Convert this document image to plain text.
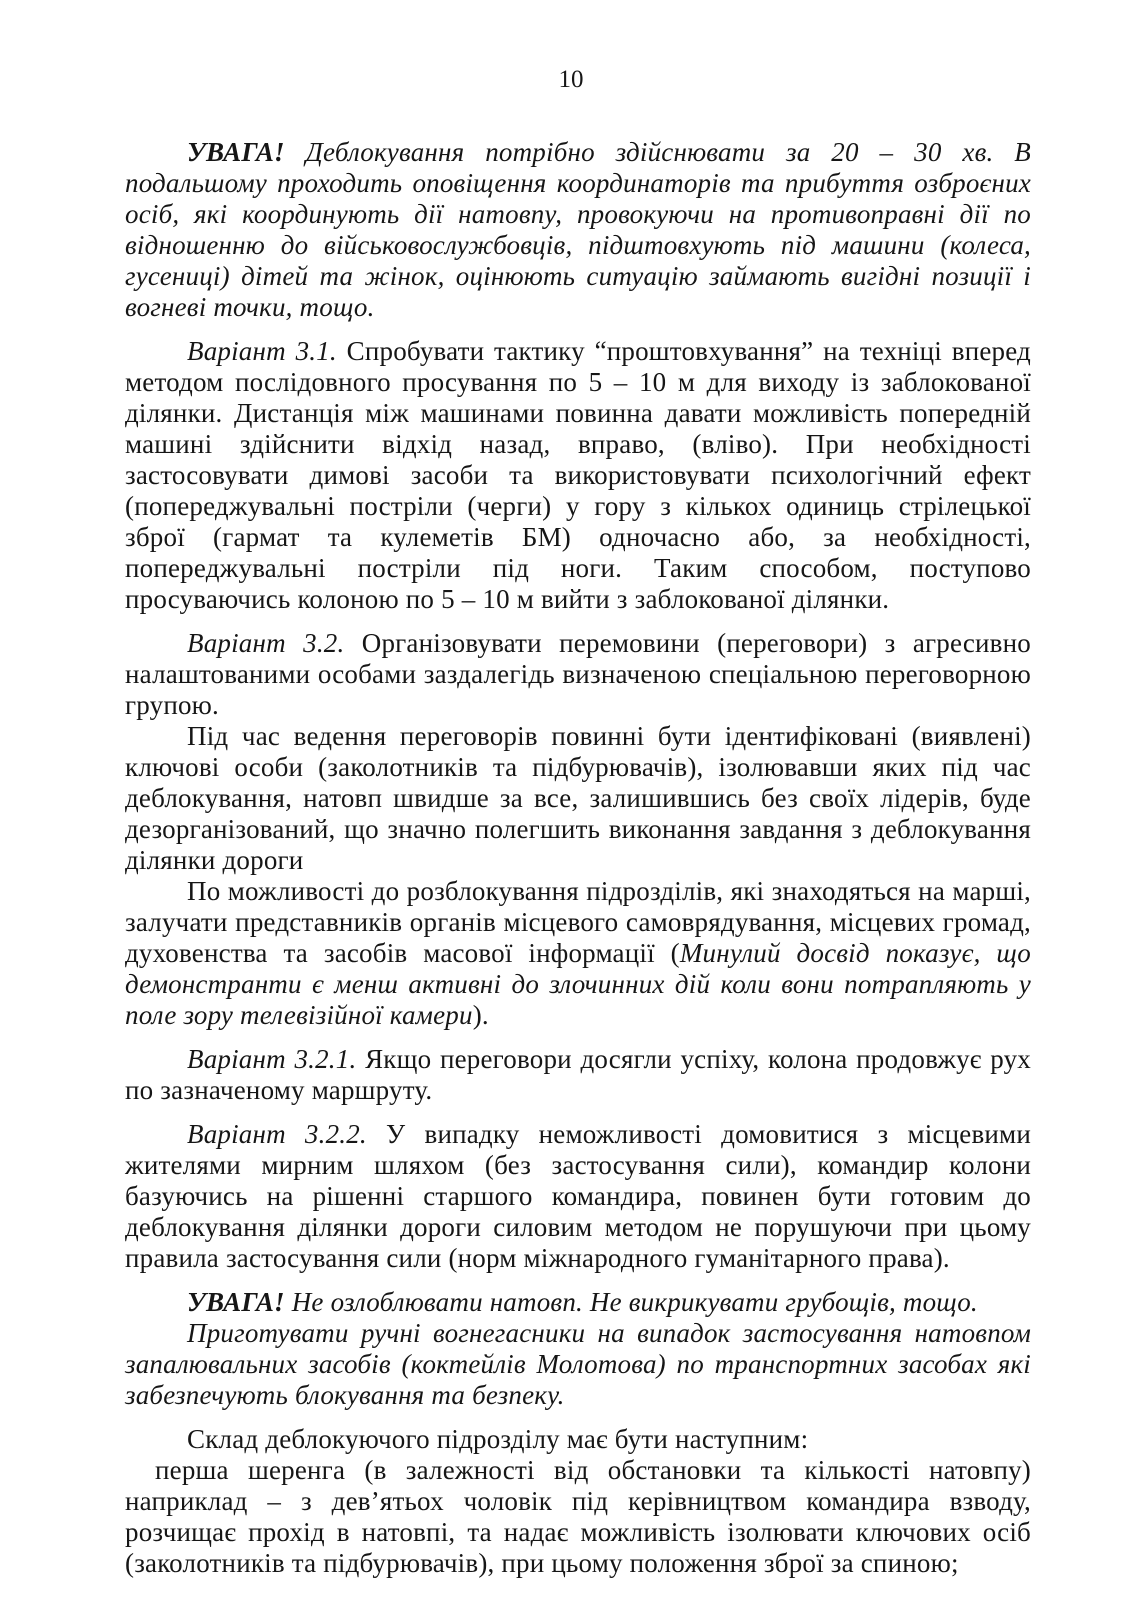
10

УВАГА! Деблокування потрібно здійснювати за 20 – 30 хв. В подальшому проходить оповіщення координаторів та прибуття озброєних осіб, які координують дії натовпу, провокуючи на противоправні дії по відношенню до військовослужбовців, підштовхують під машини (колеса, гусениці) дітей та жінок, оцінюють ситуацію займають вигідні позиції і вогневі точки, тощо.

Варіант 3.1. Спробувати тактику “проштовхування” на техніці вперед методом послідовного просування по 5 – 10 м для виходу із заблокованої ділянки. Дистанція між машинами повинна давати можливість попередній машині здійснити відхід назад, вправо, (вліво). При необхідності застосовувати димові засоби та використовувати психологічний ефект (попереджувальні постріли (черги) у гору з кількох одиниць стрілецької зброї (гармат та кулеметів БМ) одночасно або, за необхідності, попереджувальні постріли під ноги. Таким способом, поступово просуваючись колоною по 5 – 10 м вийти з заблокованої ділянки.

Варіант 3.2. Організовувати перемовини (переговори) з агресивно налаштованими особами заздалегідь визначеною спеціальною переговорною групою.

Під час ведення переговорів повинні бути ідентифіковані (виявлені) ключові особи (заколотників та підбурювачів), ізолювавши яких під час деблокування, натовп швидше за все, залишившись без своїх лідерів, буде дезорганізований, що значно полегшить виконання завдання з деблокування ділянки дороги

По можливості до розблокування підрозділів, які знаходяться на марші, залучати представників органів місцевого самоврядування, місцевих громад, духовенства та засобів масової інформації (Минулий досвід показує, що демонстранти є менш активні до злочинних дій коли вони потрапляють у поле зору телевізійної камери).

Варіант 3.2.1. Якщо переговори досягли успіху, колона продовжує рух по зазначеному маршруту.

Варіант 3.2.2. У випадку неможливості домовитися з місцевими жителями мирним шляхом (без застосування сили), командир колони базуючись на рішенні старшого командира, повинен бути готовим до деблокування ділянки дороги силовим методом не порушуючи при цьому правила застосування сили (норм міжнародного гуманітарного права).

УВАГА! Не озлоблювати натовп. Не викрикувати грубощів, тощо.

Приготувати ручні вогнегасники на випадок застосування натовпом запалювальних засобів (коктейлів Молотова) по транспортних засобах які забезпечують блокування та безпеку.

Склад деблокуючого підрозділу має бути наступним:

перша шеренга (в залежності від обстановки та кількості натовпу) наприклад – з дев’ятьох чоловік під керівництвом командира взводу, розчищає прохід в натовпі, та надає можливість ізолювати ключових осіб (заколотників та підбурювачів), при цьому положення зброї за спиною;
